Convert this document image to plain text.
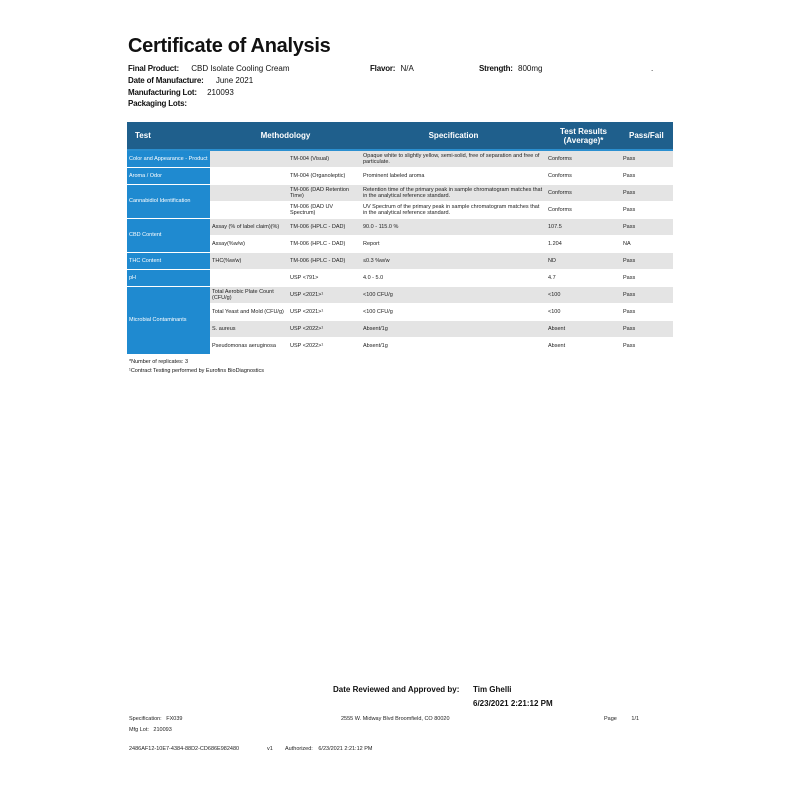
Certificate of Analysis
Final Product: CBD Isolate Cooling Cream	Flavor: N/A	Strength: 800mg	.
Date of Manufacture: June 2021
Manufacturing Lot: 210093
Packaging Lots:
Test	Methodology		Specification	Test Results (Average)*	Pass/Fail
Color and Appearance - Product		TM-004 (Visual)	Opaque white to slightly yellow, semi-solid, free of separation and free of particulate.	Conforms	Pass
Aroma / Odor		TM-004 (Organoleptic)	Prominent labeled aroma	Conforms	Pass
Cannabidiol Identification		TM-006 (DAD Retention Time)	Retention time of the primary peak in sample chromatogram matches that in the analytical reference standard.	Conforms	Pass
		TM-006 (DAD UV Spectrum)	UV Spectrum of the primary peak in sample chromatogram matches that in the analytical reference standard.	Conforms	Pass
CBD Content	Assay (% of label claim)(%)	TM-006 (HPLC - DAD)	90.0 - 115.0 %	107.5	Pass
	Assay(%w/w)	TM-006 (HPLC - DAD)	Report	1.204	NA
THC Content	THC(%w/w)	TM-006 (HPLC - DAD)	≤0.3 %w/w	ND	Pass
pH		USP <791>	4.0 - 5.0	4.7	Pass
Microbial Contaminants	Total Aerobic Plate Count (CFU/g)	USP <2021>¹	<100 CFU/g	<100	Pass
	Total Yeast and Mold (CFU/g)	USP <2021>¹	<100 CFU/g	<100	Pass
	S. aureus	USP <2022>¹	Absent/1g	Absent	Pass
	Pseudomonas aeruginosa	USP <2022>¹	Absent/1g	Absent	Pass
*Number of replicates: 3
¹Contract Testing performed by Eurofins BioDiagnostics
Date Reviewed and Approved by: Tim Ghelli
6/23/2021 2:21:12 PM
Specification: FX039
Mfg Lot: 210093
2555 W. Midway Blvd Broomfield, CO 80020	Page	1/1
2486AF12-10E7-4384-88D2-CD686E982480	v1 Authorized: 6/23/2021 2:21:12 PM
